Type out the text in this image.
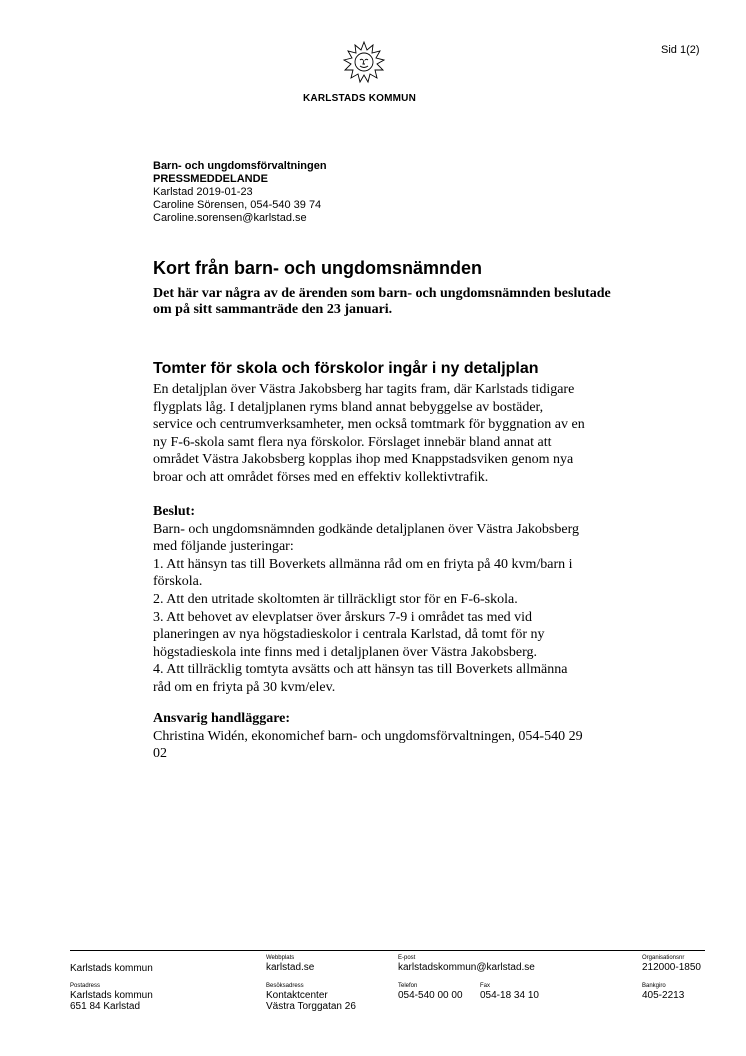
Sid 1(2)
KARLSTADS KOMMUN
Barn- och ungdomsförvaltningen
PRESSMEDDELANDE
Karlstad 2019-01-23
Caroline Sörensen, 054-540 39 74
Caroline.sorensen@karlstad.se
Kort från barn- och ungdomsnämnden

Det här var några av de ärenden som barn- och ungdomsnämnden beslutade om på sitt sammanträde den 23 januari.

Tomter för skola och förskolor ingår i ny detaljplan
En detaljplan över Västra Jakobsberg har tagits fram, där Karlstads tidigare
flygplats låg. I detaljplanen ryms bland annat bebyggelse av bostäder,
service och centrumverksamheter, men också tomtmark för byggnation av en
ny F-6-skola samt flera nya förskolor. Förslaget innebär bland annat att
området Västra Jakobsberg kopplas ihop med Knappstadsviken genom nya
broar och att området förses med en effektiv kollektivtrafik.
Beslut:
Barn- och ungdomsnämnden godkände detaljplanen över Västra Jakobsberg
med följande justeringar:
1. Att hänsyn tas till Boverkets allmänna råd om en friyta på 40 kvm/barn i
förskola.
2. Att den utritade skoltomten är tillräckligt stor för en F-6-skola.
3. Att behovet av elevplatser över årskurs 7-9 i området tas med vid
planeringen av nya högstadieskolor i centrala Karlstad, då tomt för ny
högstadieskola inte finns med i detaljplanen över Västra Jakobsberg.
4. Att tillräcklig tomtyta avsätts och att hänsyn tas till Boverkets allmänna
råd om en friyta på 30 kvm/elev.
Ansvarig handläggare:
Christina Widén, ekonomichef barn- och ungdomsförvaltningen, 054-540 29
02
Webbplats
karlstad.se
E-post
karlstadskommun@karlstad.se
Organisationsnr
212000-1850
Karlstads kommun
Postadress
Karlstads kommun
651 84 Karlstad
Besöksadress
Kontaktcenter
Västra Torggatan 26
Telefon
054-540 00 00
Fax
054-18 34 10
Bankgiro
405-2213
